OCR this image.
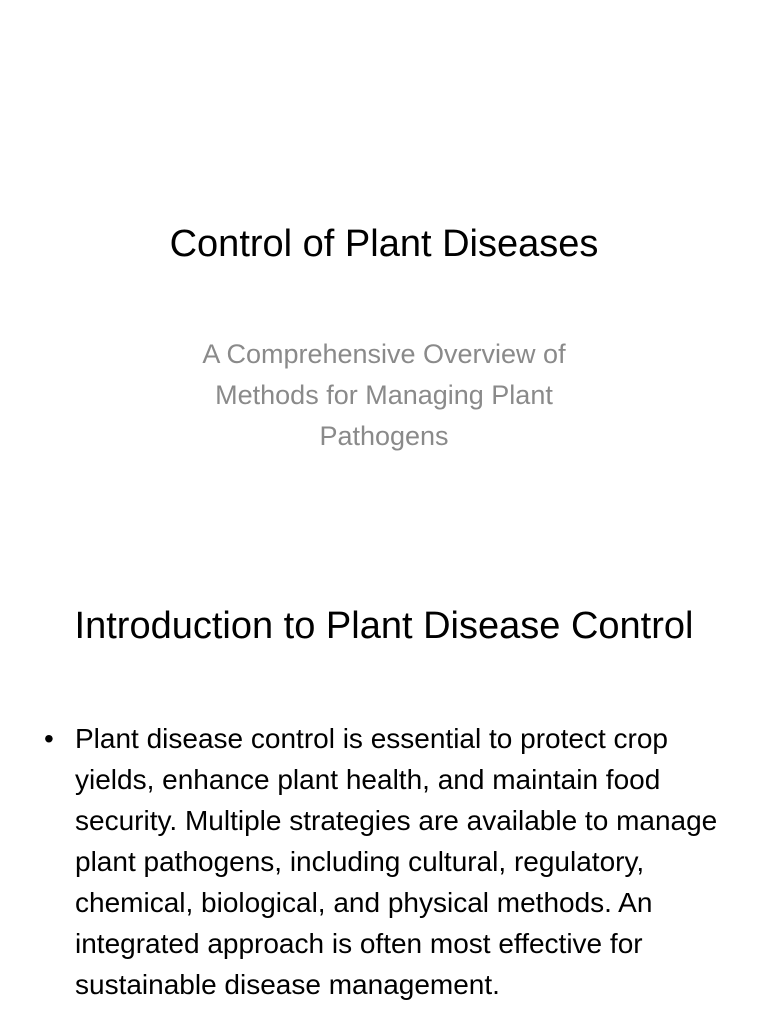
Control of Plant Diseases
A Comprehensive Overview of Methods for Managing Plant Pathogens
Introduction to Plant Disease Control
• Plant disease control is essential to protect crop yields, enhance plant health, and maintain food security. Multiple strategies are available to manage plant pathogens, including cultural, regulatory, chemical, biological, and physical methods. An integrated approach is often most effective for sustainable disease management.
